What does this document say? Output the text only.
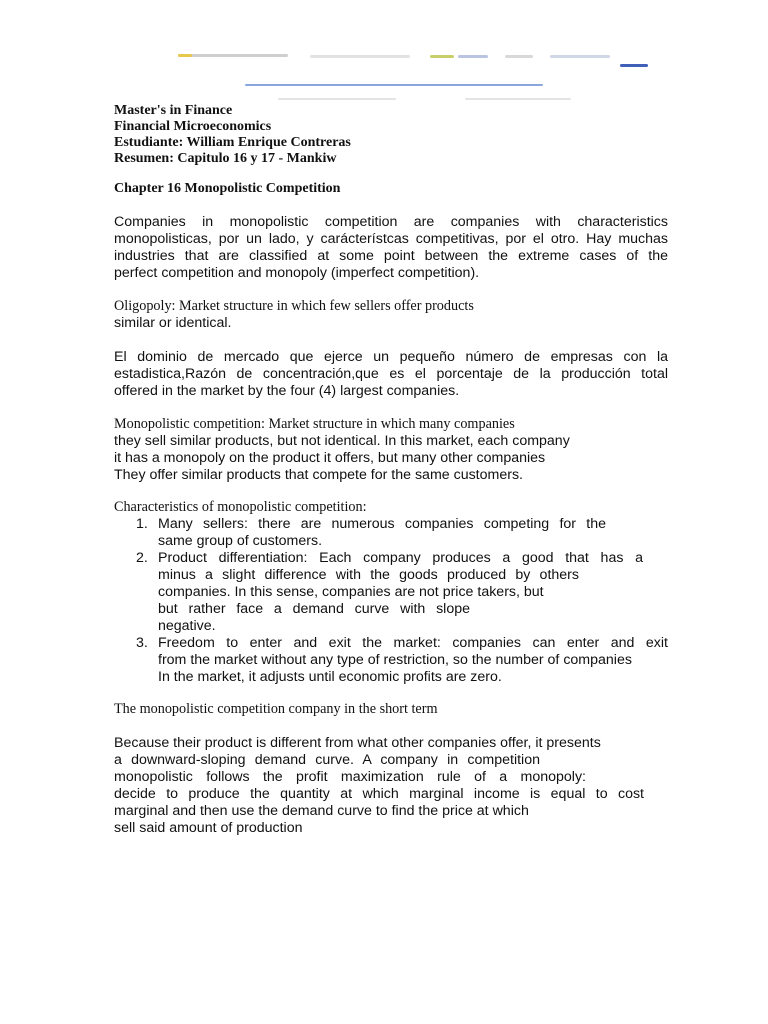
Master's in Finance
Financial Microeconomics
Estudiante: William Enrique Contreras
Resumen: Capitulo 16 y 17 - Mankiw
Chapter 16 Monopolistic Competition
Companies in monopolistic competition are companies with characteristics
monopolisticas, por un lado, y carácterístcas competitivas, por el otro. Hay muchas
industries that are classified at some point between the extreme cases of the
perfect competition and monopoly (imperfect competition).
Oligopoly: Market structure in which few sellers offer products
similar or identical.
El dominio de mercado que ejerce un pequeño número de empresas con la
estadistica,Razón de concentración,que es el porcentaje de la producción total
offered in the market by the four (4) largest companies.
Monopolistic competition: Market structure in which many companies
they sell similar products, but not identical. In this market, each company
it has a monopoly on the product it offers, but many other companies
They offer similar products that compete for the same customers.
Characteristics of monopolistic competition:
1. Many sellers: there are numerous companies competing for the
same group of customers.
2. Product differentiation: Each company produces a good that has a
minus a slight difference with the goods produced by others
companies. In this sense, companies are not price takers, but
but rather face a demand curve with slope
negative.
3. Freedom to enter and exit the market: companies can enter and exit
from the market without any type of restriction, so the number of companies
In the market, it adjusts until economic profits are zero.
The monopolistic competition company in the short term
Because their product is different from what other companies offer, it presents
a downward-sloping demand curve. A company in competition
monopolistic follows the profit maximization rule of a monopoly:
decide to produce the quantity at which marginal income is equal to cost
marginal and then use the demand curve to find the price at which
sell said amount of production
